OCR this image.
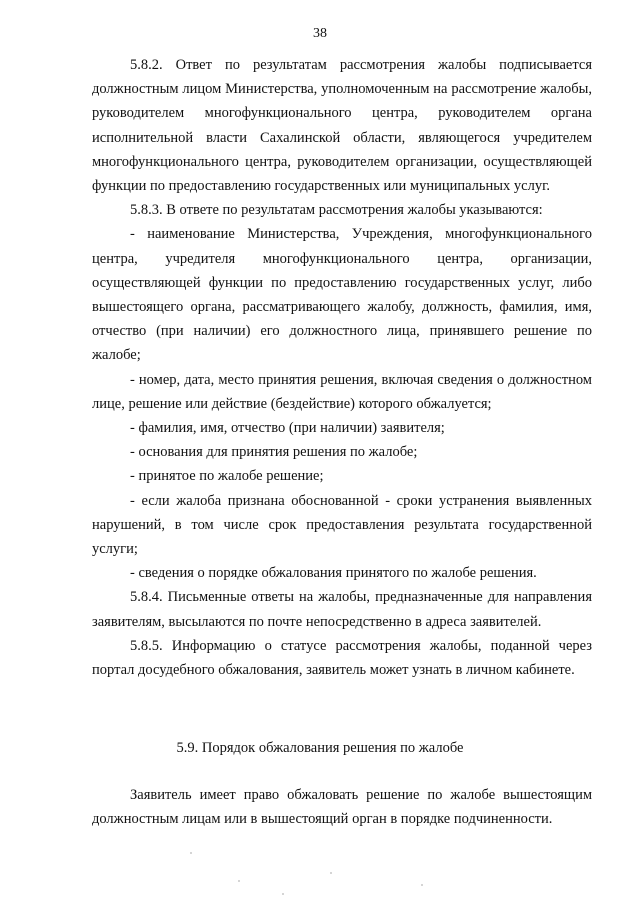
38

5.8.2. Ответ по результатам рассмотрения жалобы подписывается должностным лицом Министерства, уполномоченным на рассмотрение жалобы, руководителем многофункционального центра, руководителем органа исполнительной власти Сахалинской области, являющегося учредителем многофункционального центра, руководителем организации, осуществляющей функции по предоставлению государственных или муниципальных услуг.

5.8.3. В ответе по результатам рассмотрения жалобы указываются:

- наименование Министерства, Учреждения, многофункционального центра, учредителя многофункционального центра, организации, осуществляющей функции по предоставлению государственных услуг, либо вышестоящего органа, рассматривающего жалобу, должность, фамилия, имя, отчество (при наличии) его должностного лица, принявшего решение по жалобе;

- номер, дата, место принятия решения, включая сведения о должностном лице, решение или действие (бездействие) которого обжалуется;

- фамилия, имя, отчество (при наличии) заявителя;

- основания для принятия решения по жалобе;

- принятое по жалобе решение;

- если жалоба признана обоснованной - сроки устранения выявленных нарушений, в том числе срок предоставления результата государственной услуги;

- сведения о порядке обжалования принятого по жалобе решения.

5.8.4. Письменные ответы на жалобы, предназначенные для направления заявителям, высылаются по почте непосредственно в адреса заявителей.

5.8.5. Информацию о статусе рассмотрения жалобы, поданной через портал досудебного обжалования, заявитель может узнать в личном кабинете.

5.9. Порядок обжалования решения по жалобе

Заявитель имеет право обжаловать решение по жалобе вышестоящим должностным лицам или в вышестоящий орган в порядке подчиненности.
